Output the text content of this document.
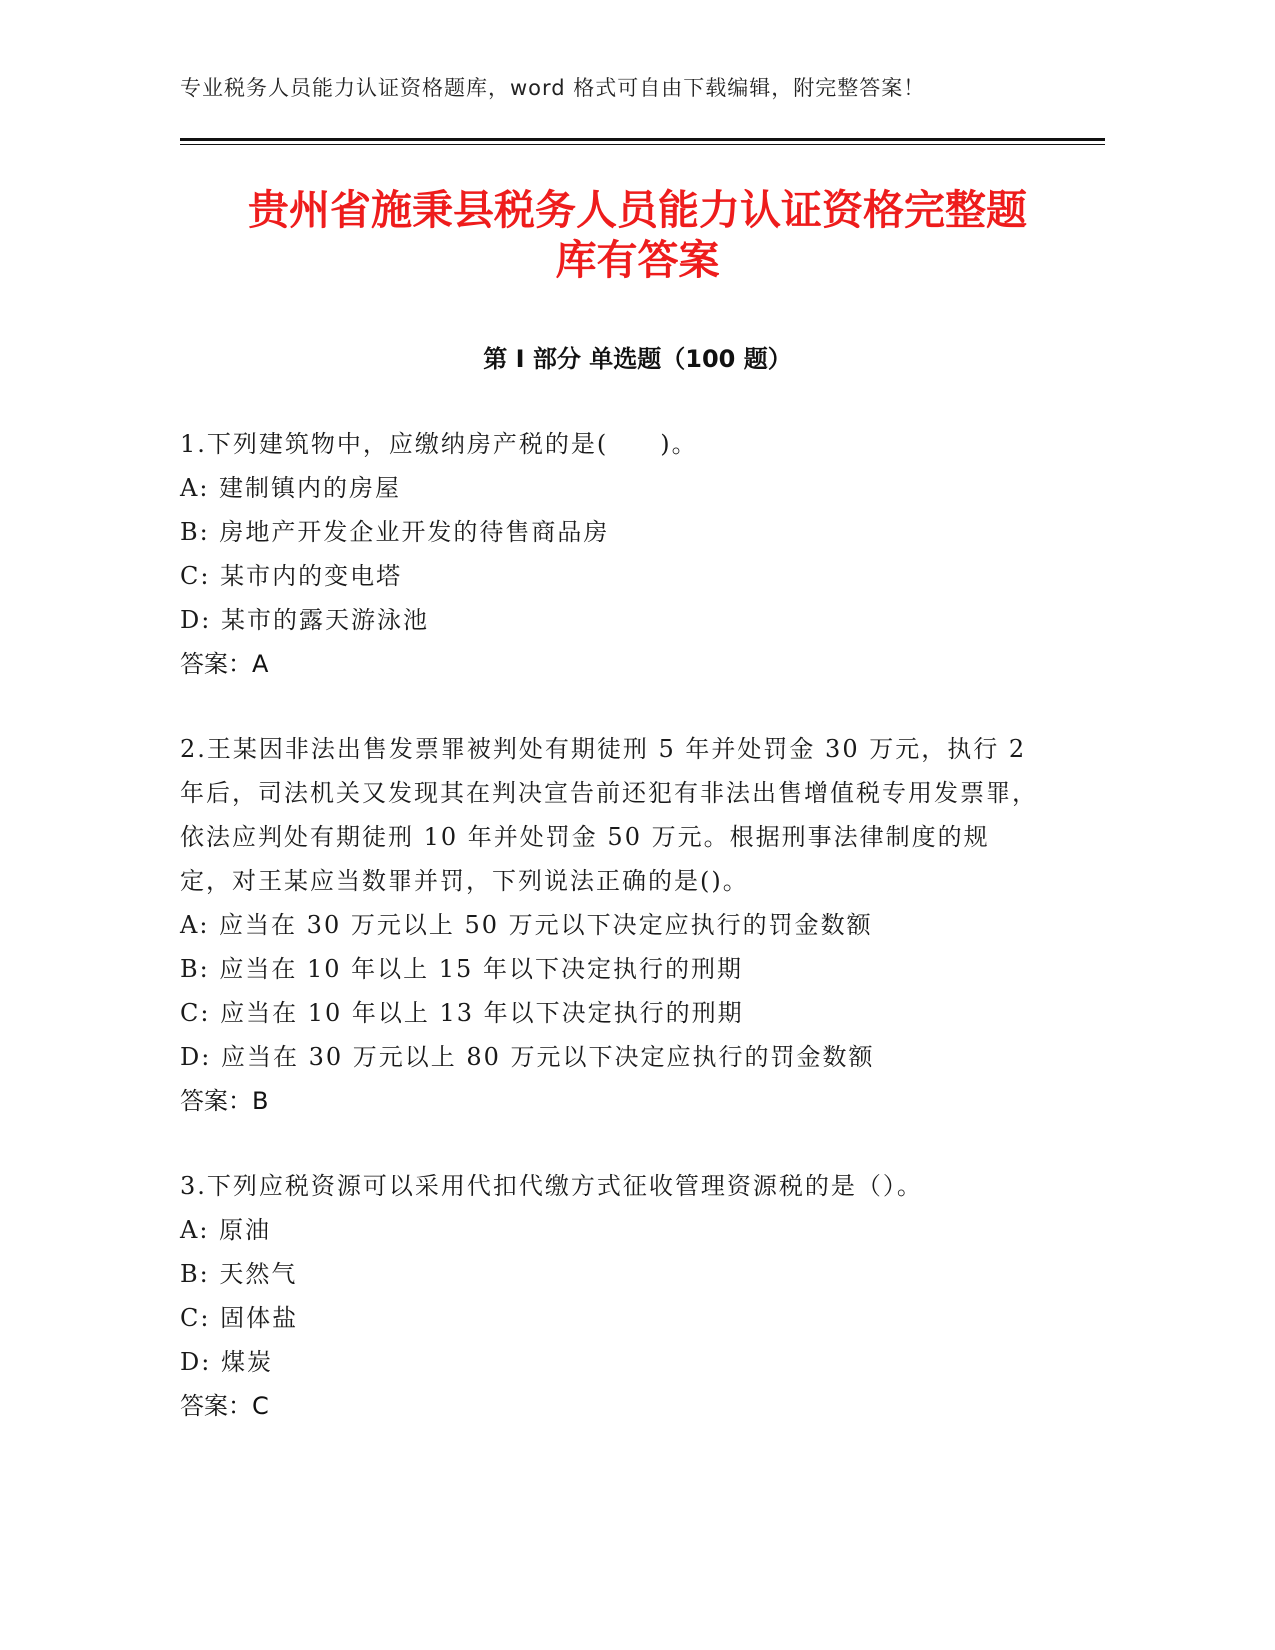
专业税务人员能力认证资格题库，word 格式可自由下载编辑，附完整答案！
贵州省施秉县税务人员能力认证资格完整题
库有答案
第 I 部分 单选题（100 题）
1.下列建筑物中，应缴纳房产税的是(　　)。
A: 建制镇内的房屋
B: 房地产开发企业开发的待售商品房
C: 某市内的变电塔
D: 某市的露天游泳池
答案：A
2.王某因非法出售发票罪被判处有期徒刑 5 年并处罚金 30 万元，执行 2 年后，司法机关又发现其在判决宣告前还犯有非法出售增值税专用发票罪，依法应判处有期徒刑 10 年并处罚金 50 万元。根据刑事法律制度的规定，对王某应当数罪并罚，下列说法正确的是()。
A: 应当在 30 万元以上 50 万元以下决定应执行的罚金数额
B: 应当在 10 年以上 15 年以下决定执行的刑期
C: 应当在 10 年以上 13 年以下决定执行的刑期
D: 应当在 30 万元以上 80 万元以下决定应执行的罚金数额
答案：B
3.下列应税资源可以采用代扣代缴方式征收管理资源税的是（）。
A: 原油
B: 天然气
C: 固体盐
D: 煤炭
答案：C
